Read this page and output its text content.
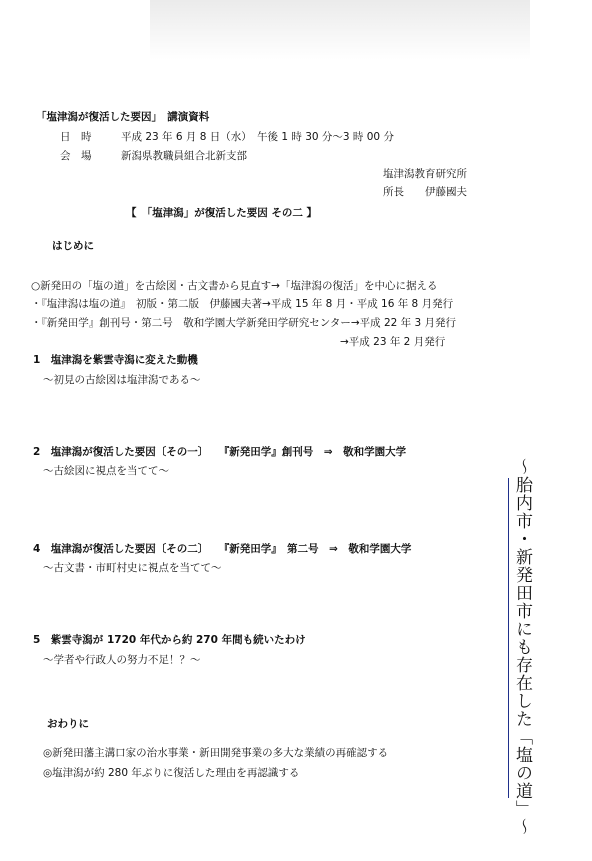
「塩津潟が復活した要因」　講演資料
日　時	平成 23 年 6 月 8 日（水）　午後 1 時 30 分～3 時 00 分
会　場	新潟県教職員組合北新支部
塩津潟教育研究所
所長　　伊藤國夫
【　「塩津潟」が復活した要因 その二 】
はじめに
○新発田の「塩の道」を古絵図・古文書から見直す→「塩津潟の復活」を中心に据える
・『塩津潟は塩の道』　初版・第二版　伊藤國夫著→平成 15 年 8 月・平成 16 年 8 月発行
・『新発田学』創刊号・第二号　敬和学園大学新発田学研究センター→平成 22 年 3 月発行
→平成 23 年 2 月発行
1　塩津潟を紫雲寺潟に変えた動機
～初見の古絵図は塩津潟である～
2　塩津潟が復活した要因〔その一〕　　『新発田学』創刊号　⇒　敬和学園大学
～古絵図に視点を当てて～
4　塩津潟が復活した要因〔その二〕　　『新発田学』　第二号　⇒　敬和学園大学
～古文書・市町村史に視点を当てて～
5　紫雲寺潟が 1720 年代から約 270 年間も続いたわけ
～学者や行政人の努力不足！？～
おわりに
◎新発田藩主溝口家の治水事業・新田開発事業の多大な業績の再確認する
◎塩津潟が約 280 年ぶりに復活した理由を再認識する	～胎内市・新発田市にも存在した「塩の道」～
